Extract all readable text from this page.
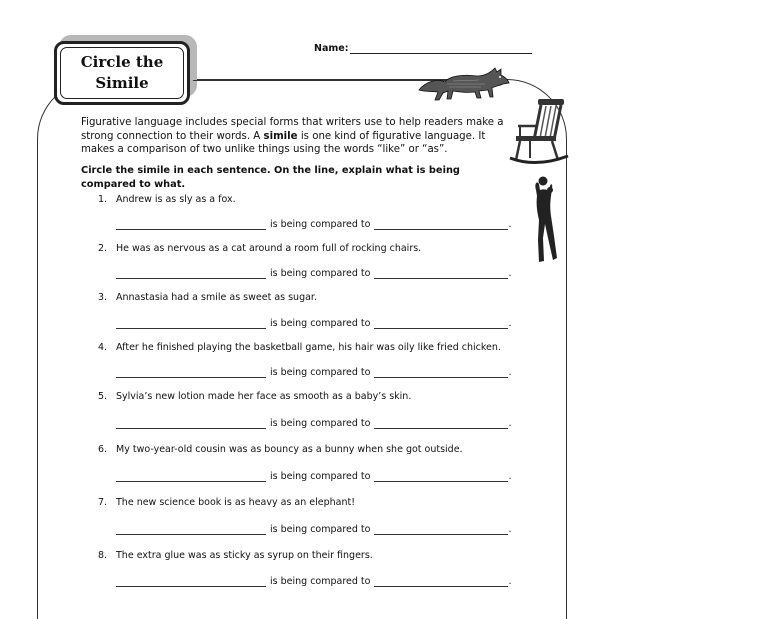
Circle the Simile
Name:
Figurative language includes special forms that writers use to help readers make a strong connection to their words. A simile is one kind of figurative language. It makes a comparison of two unlike things using the words “like” or “as”.
Circle the simile in each sentence. On the line, explain what is being compared to what.
1. Andrew is as sly as a fox.
is being compared to	.
2. He was as nervous as a cat around a room full of rocking chairs.
is being compared to	.
3. Annastasia had a smile as sweet as sugar.
is being compared to	.
4. After he finished playing the basketball game, his hair was oily like fried chicken.
is being compared to	.
5. Sylvia’s new lotion made her face as smooth as a baby’s skin.
is being compared to	.
6. My two-year-old cousin was as bouncy as a bunny when she got outside.
is being compared to	.
7. The new science book is as heavy as an elephant!
is being compared to	.
8. The extra glue was as sticky as syrup on their fingers.
is being compared to	.
